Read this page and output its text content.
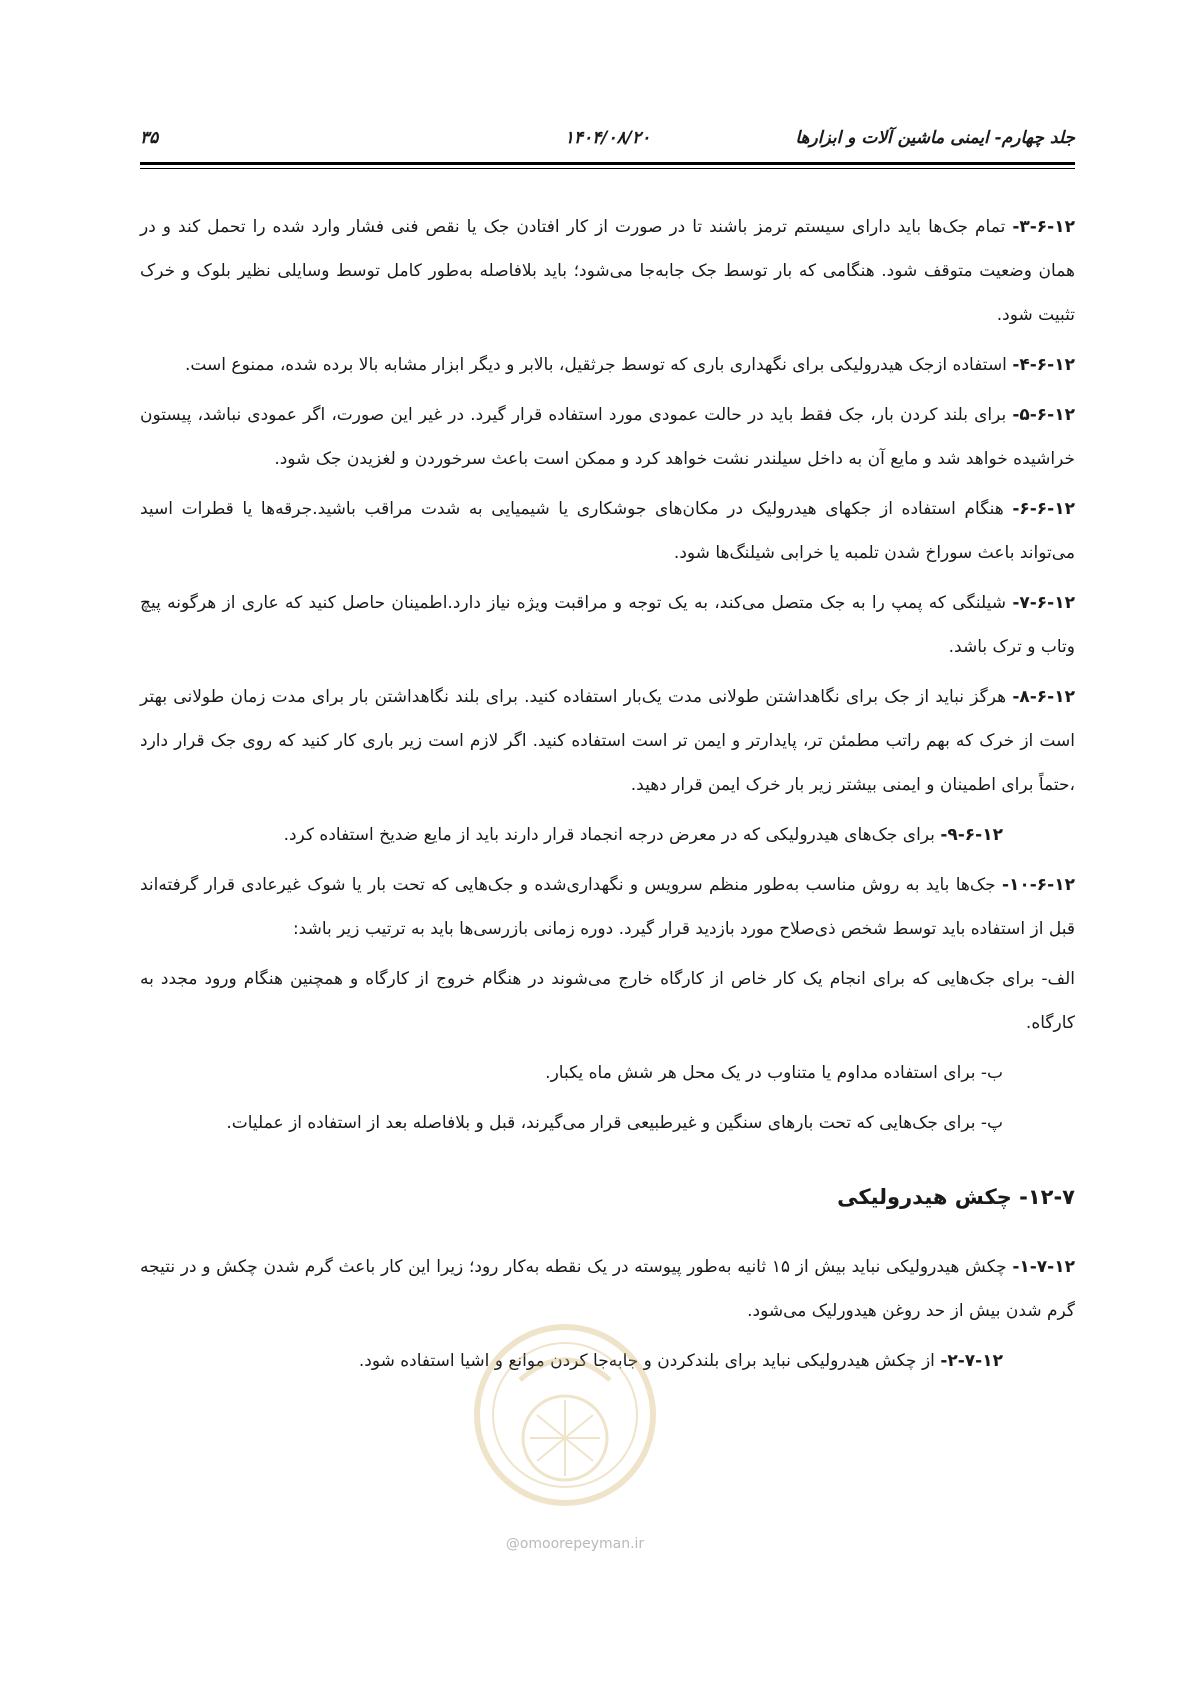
جلد چهارم- ایمنی ماشین آلات و ابزارها
۱۴۰۴/۰۸/۲۰
۳۵

۳-۶-۱۲- تمام جک‌ها باید دارای سیستم ترمز باشند تا در صورت از کار افتادن جک یا نقص فنی فشار وارد شده را تحمل کند و در همان وضعیت متوقف شود. هنگامی که بار توسط جک جابه‌جا می‌شود؛ باید بلافاصله به‌طور کامل توسط وسایلی نظیر بلوک و خرک تثبیت شود.

۴-۶-۱۲- استفاده ازجک هیدرولیکی برای نگهداری باری که توسط جرثقیل، بالابر و دیگر ابزار مشابه بالا برده شده، ممنوع است.

۵-۶-۱۲- برای بلند کردن بار، جک فقط باید در حالت عمودی مورد استفاده قرار گیرد. در غیر این صورت، اگر عمودی نباشد، پیستون خراشیده خواهد شد و مایع آن به داخل سیلندر نشت خواهد کرد و ممکن است باعث سرخوردن و لغزیدن جک شود.

۶-۶-۱۲- هنگام استفاده از جکهای هیدرولیک در مکان‌های جوشکاری یا شیمیایی به شدت مراقب باشید.جرقه‌ها یا قطرات اسید می‌تواند باعث سوراخ شدن تلمبه یا خرابی شیلنگ‌ها شود.

۷-۶-۱۲- شیلنگی که پمپ را به جک متصل می‌کند، به یک توجه و مراقبت ویژه نیاز دارد.اطمینان حاصل کنید که عاری از هرگونه پیچ وتاب و ترک باشد.

۸-۶-۱۲- هرگز نباید از جک برای نگاهداشتن طولانی مدت یک‌بار استفاده کنید. برای بلند نگاهداشتن بار برای مدت زمان طولانی بهتر است از خرک که بهم راتب مطمئن تر، پایدارتر و ایمن تر است استفاده کنید. اگر لازم است زیر باری کار کنید که روی جک قرار دارد ،حتماً برای اطمینان و ایمنی بیشتر زیر بار خرک ایمن قرار دهید.

۹-۶-۱۲- برای جک‌های هیدرولیکی که در معرض درجه انجماد قرار دارند باید از مایع ضدیخ استفاده کرد.

۱۰-۶-۱۲- جک‌ها باید به روش مناسب به‌طور منظم سرویس و نگهداری‌شده و جک‌هایی که تحت بار یا شوک غیرعادی قرار گرفته‌اند قبل از استفاده باید توسط شخص ذی‌صلاح مورد بازدید قرار گیرد. دوره زمانی بازرسی‌ها باید به ترتیب زیر باشد:

الف- برای جک‌هایی که برای انجام یک کار خاص از کارگاه خارج می‌شوند در هنگام خروج از کارگاه و همچنین هنگام ورود مجدد به کارگاه.

ب- برای استفاده مداوم یا متناوب در یک محل هر شش ماه یکبار.

پ- برای جک‌هایی که تحت بارهای سنگین و غیرطبیعی قرار می‌گیرند، قبل و بلافاصله بعد از استفاده از عملیات.

۱۲-۷- چکش هیدرولیکی

۱-۷-۱۲- چکش هیدرولیکی نباید بیش از ۱۵ ثانیه به‌طور پیوسته در یک نقطه به‌کار رود؛ زیرا این کار باعث گرم شدن چکش و در نتیجه گرم شدن بیش از حد روغن هیدورلیک می‌شود.

۲-۷-۱۲- از چکش هیدرولیکی نباید برای بلندکردن و جابه‌جا کردن موانع و اشیا استفاده شود.

@omoorepeyman.ir
